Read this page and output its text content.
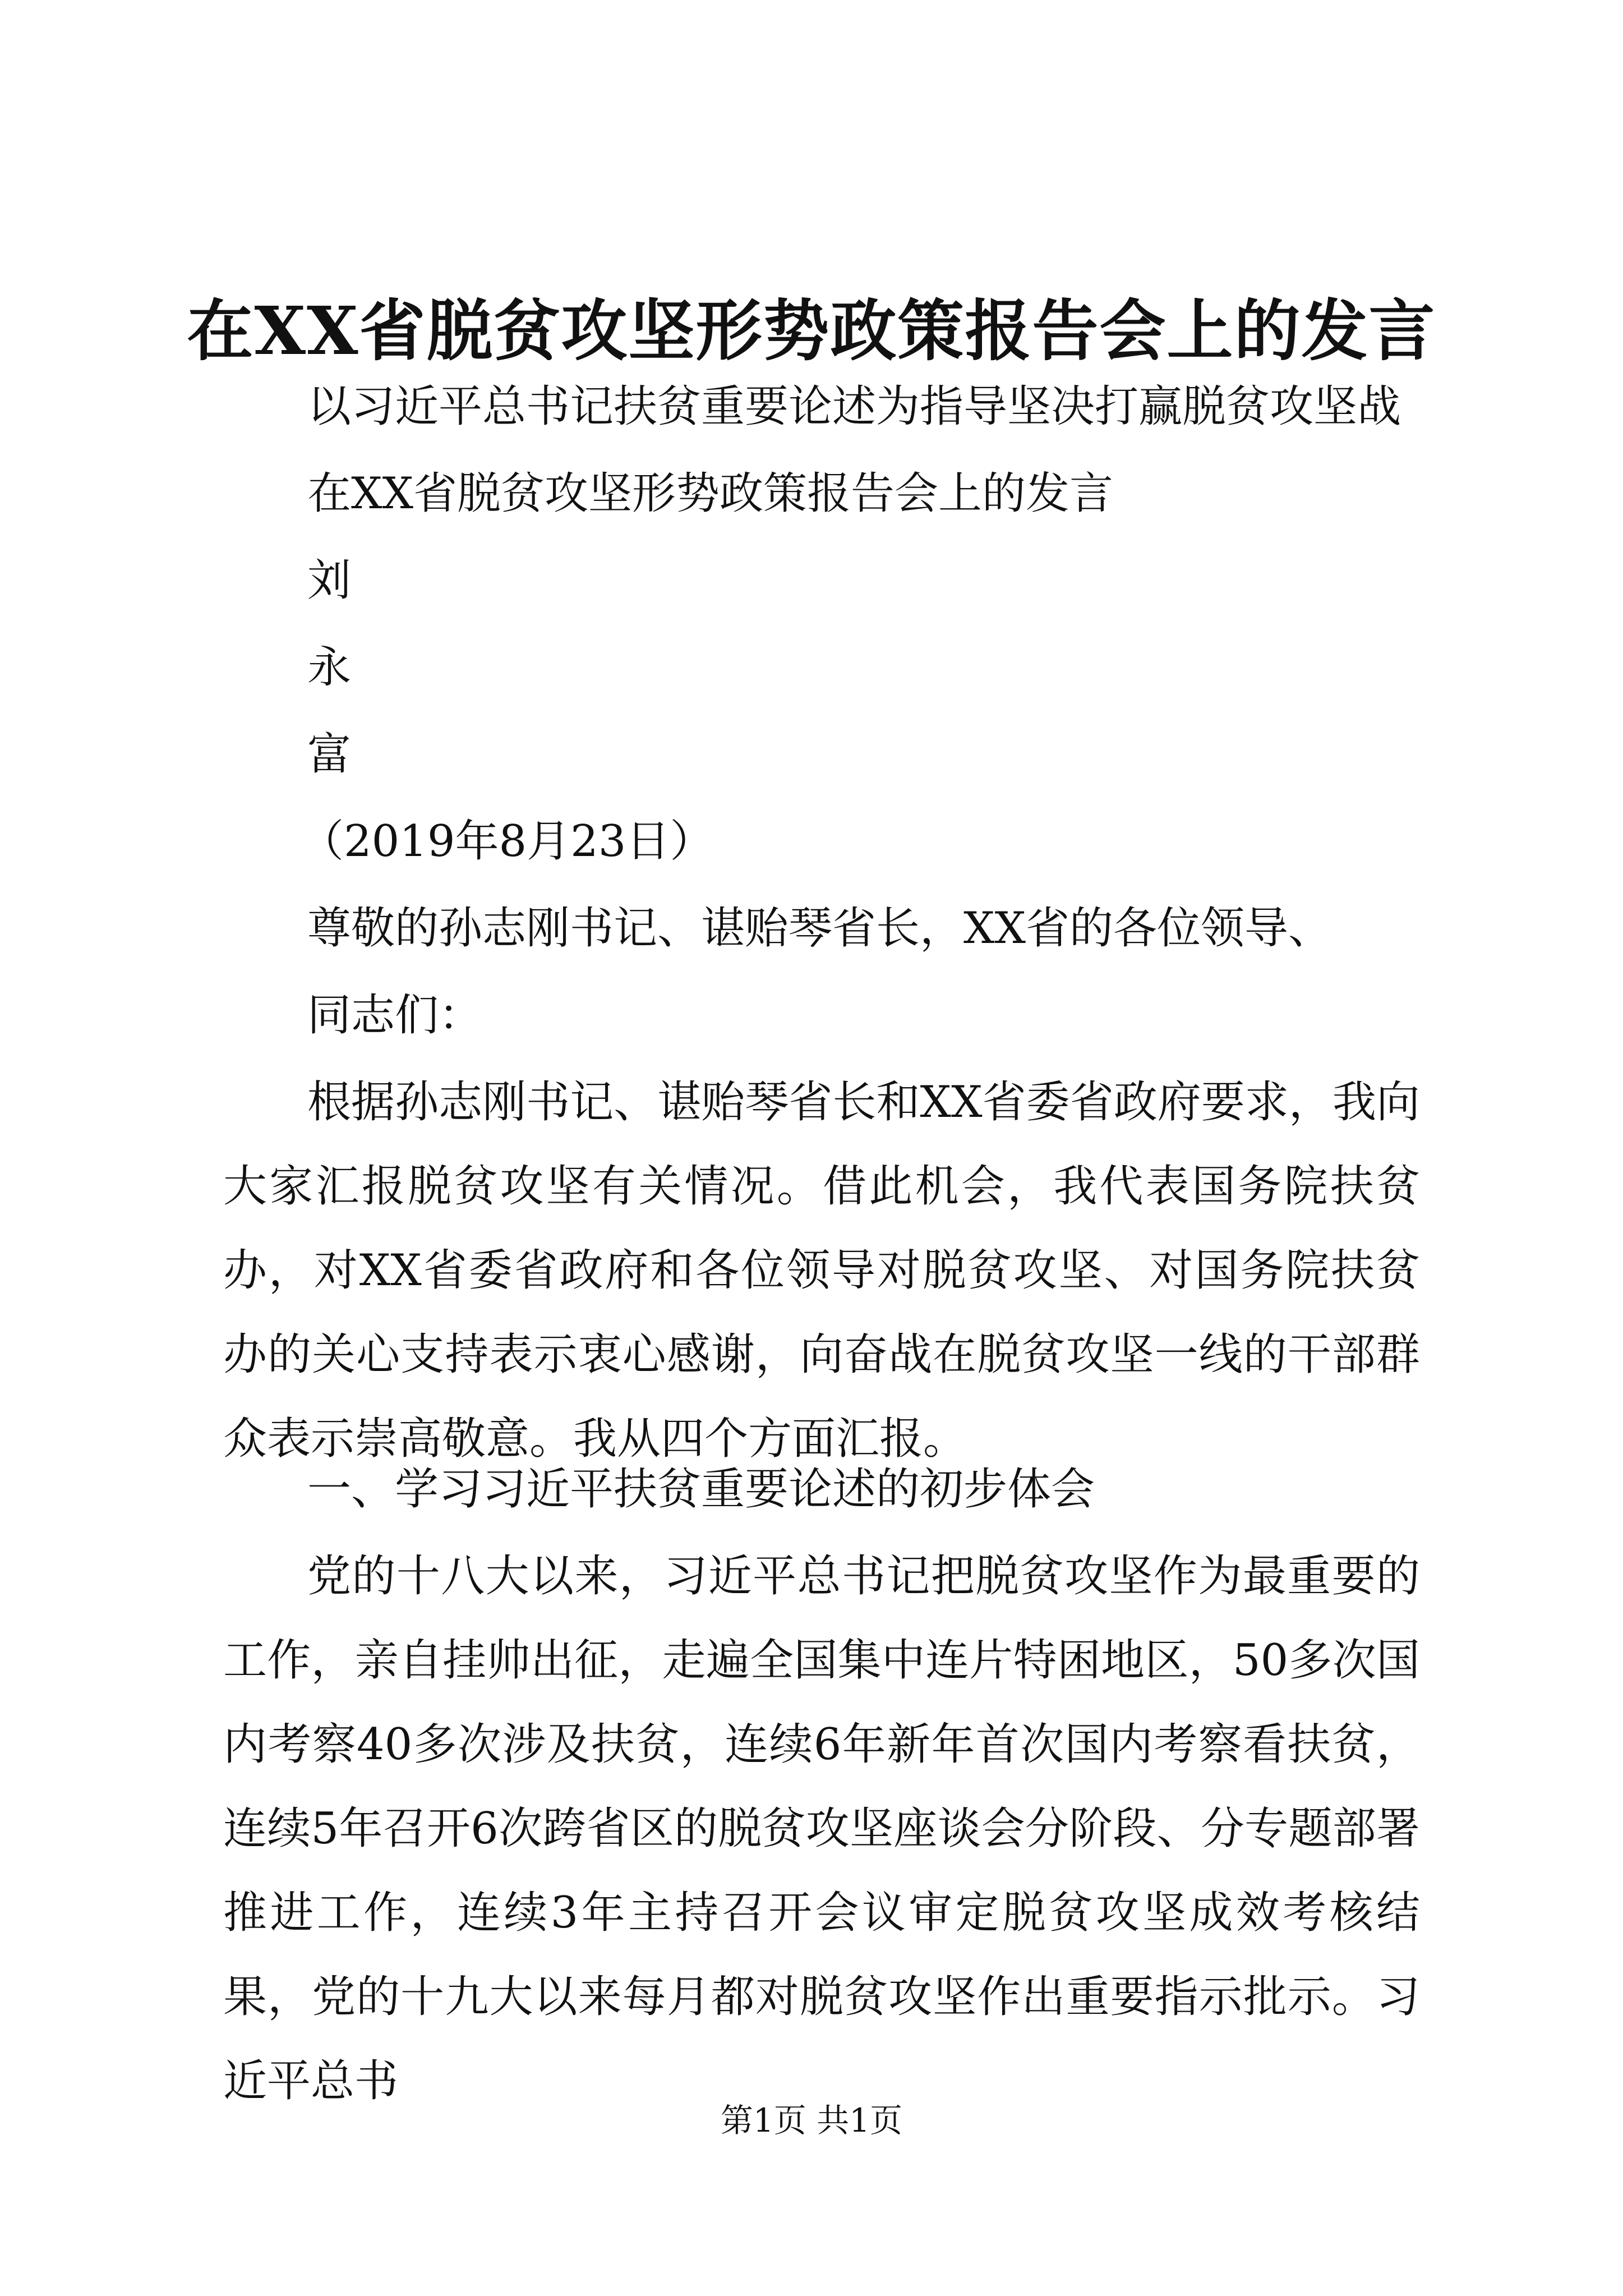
在XX省脱贫攻坚形势政策报告会上的发言
以习近平总书记扶贫重要论述为指导坚决打赢脱贫攻坚战
在XX省脱贫攻坚形势政策报告会上的发言
刘
永
富
（2019年8月23日）
尊敬的孙志刚书记、谌贻琴省长，XX省的各位领导、
同志们：
根据孙志刚书记、谌贻琴省长和XX省委省政府要求，我向大家汇报脱贫攻坚有关情况。借此机会，我代表国务院扶贫办，对XX省委省政府和各位领导对脱贫攻坚、对国务院扶贫办的关心支持表示衷心感谢，向奋战在脱贫攻坚一线的干部群众表示崇高敬意。我从四个方面汇报。
一、学习习近平扶贫重要论述的初步体会
党的十八大以来，习近平总书记把脱贫攻坚作为最重要的工作，亲自挂帅出征，走遍全国集中连片特困地区，50多次国内考察40多次涉及扶贫，连续6年新年首次国内考察看扶贫，连续5年召开6次跨省区的脱贫攻坚座谈会分阶段、分专题部署推进工作，连续3年主持召开会议审定脱贫攻坚成效考核结果，党的十九大以来每月都对脱贫攻坚作出重要指示批示。习近平总书
第1页 共1页
